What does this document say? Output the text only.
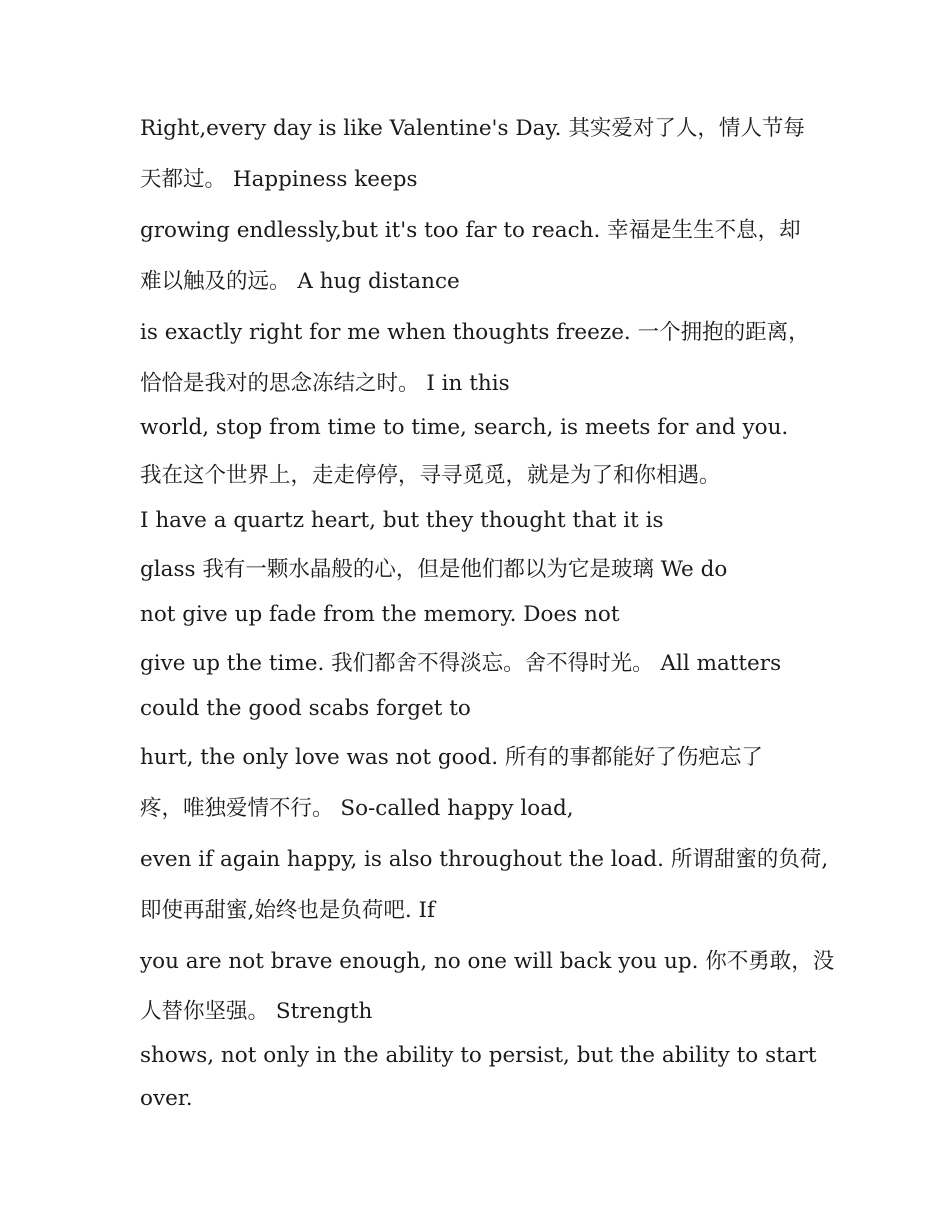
Right,every day is like Valentine's Day. 其实爱对了人，情人节每

天都过。 Happiness keeps

growing endlessly,but it's too far to reach. 幸福是生生不息，却

难以触及的远。 A hug distance

is exactly right for me when thoughts freeze. 一个拥抱的距离，

恰恰是我对的思念冻结之时。 I in this

world, stop from time to time, search, is meets for and you.

我在这个世界上，走走停停，寻寻觅觅，就是为了和你相遇。

I have a quartz heart, but they thought that it is

glass 我有一颗水晶般的心，但是他们都以为它是玻璃 We do

not give up fade from the memory. Does not

give up the time. 我们都舍不得淡忘。舍不得时光。 All matters

could the good scabs forget to

hurt, the only love was not good. 所有的事都能好了伤疤忘了

疼，唯独爱情不行。 So-called happy load,

even if again happy, is also throughout the load. 所谓甜蜜的负荷,

即使再甜蜜,始终也是负荷吧. If

you are not brave enough, no one will back you up. 你不勇敢，没

人替你坚强。 Strength

shows, not only in the ability to persist, but the ability to start

over.
